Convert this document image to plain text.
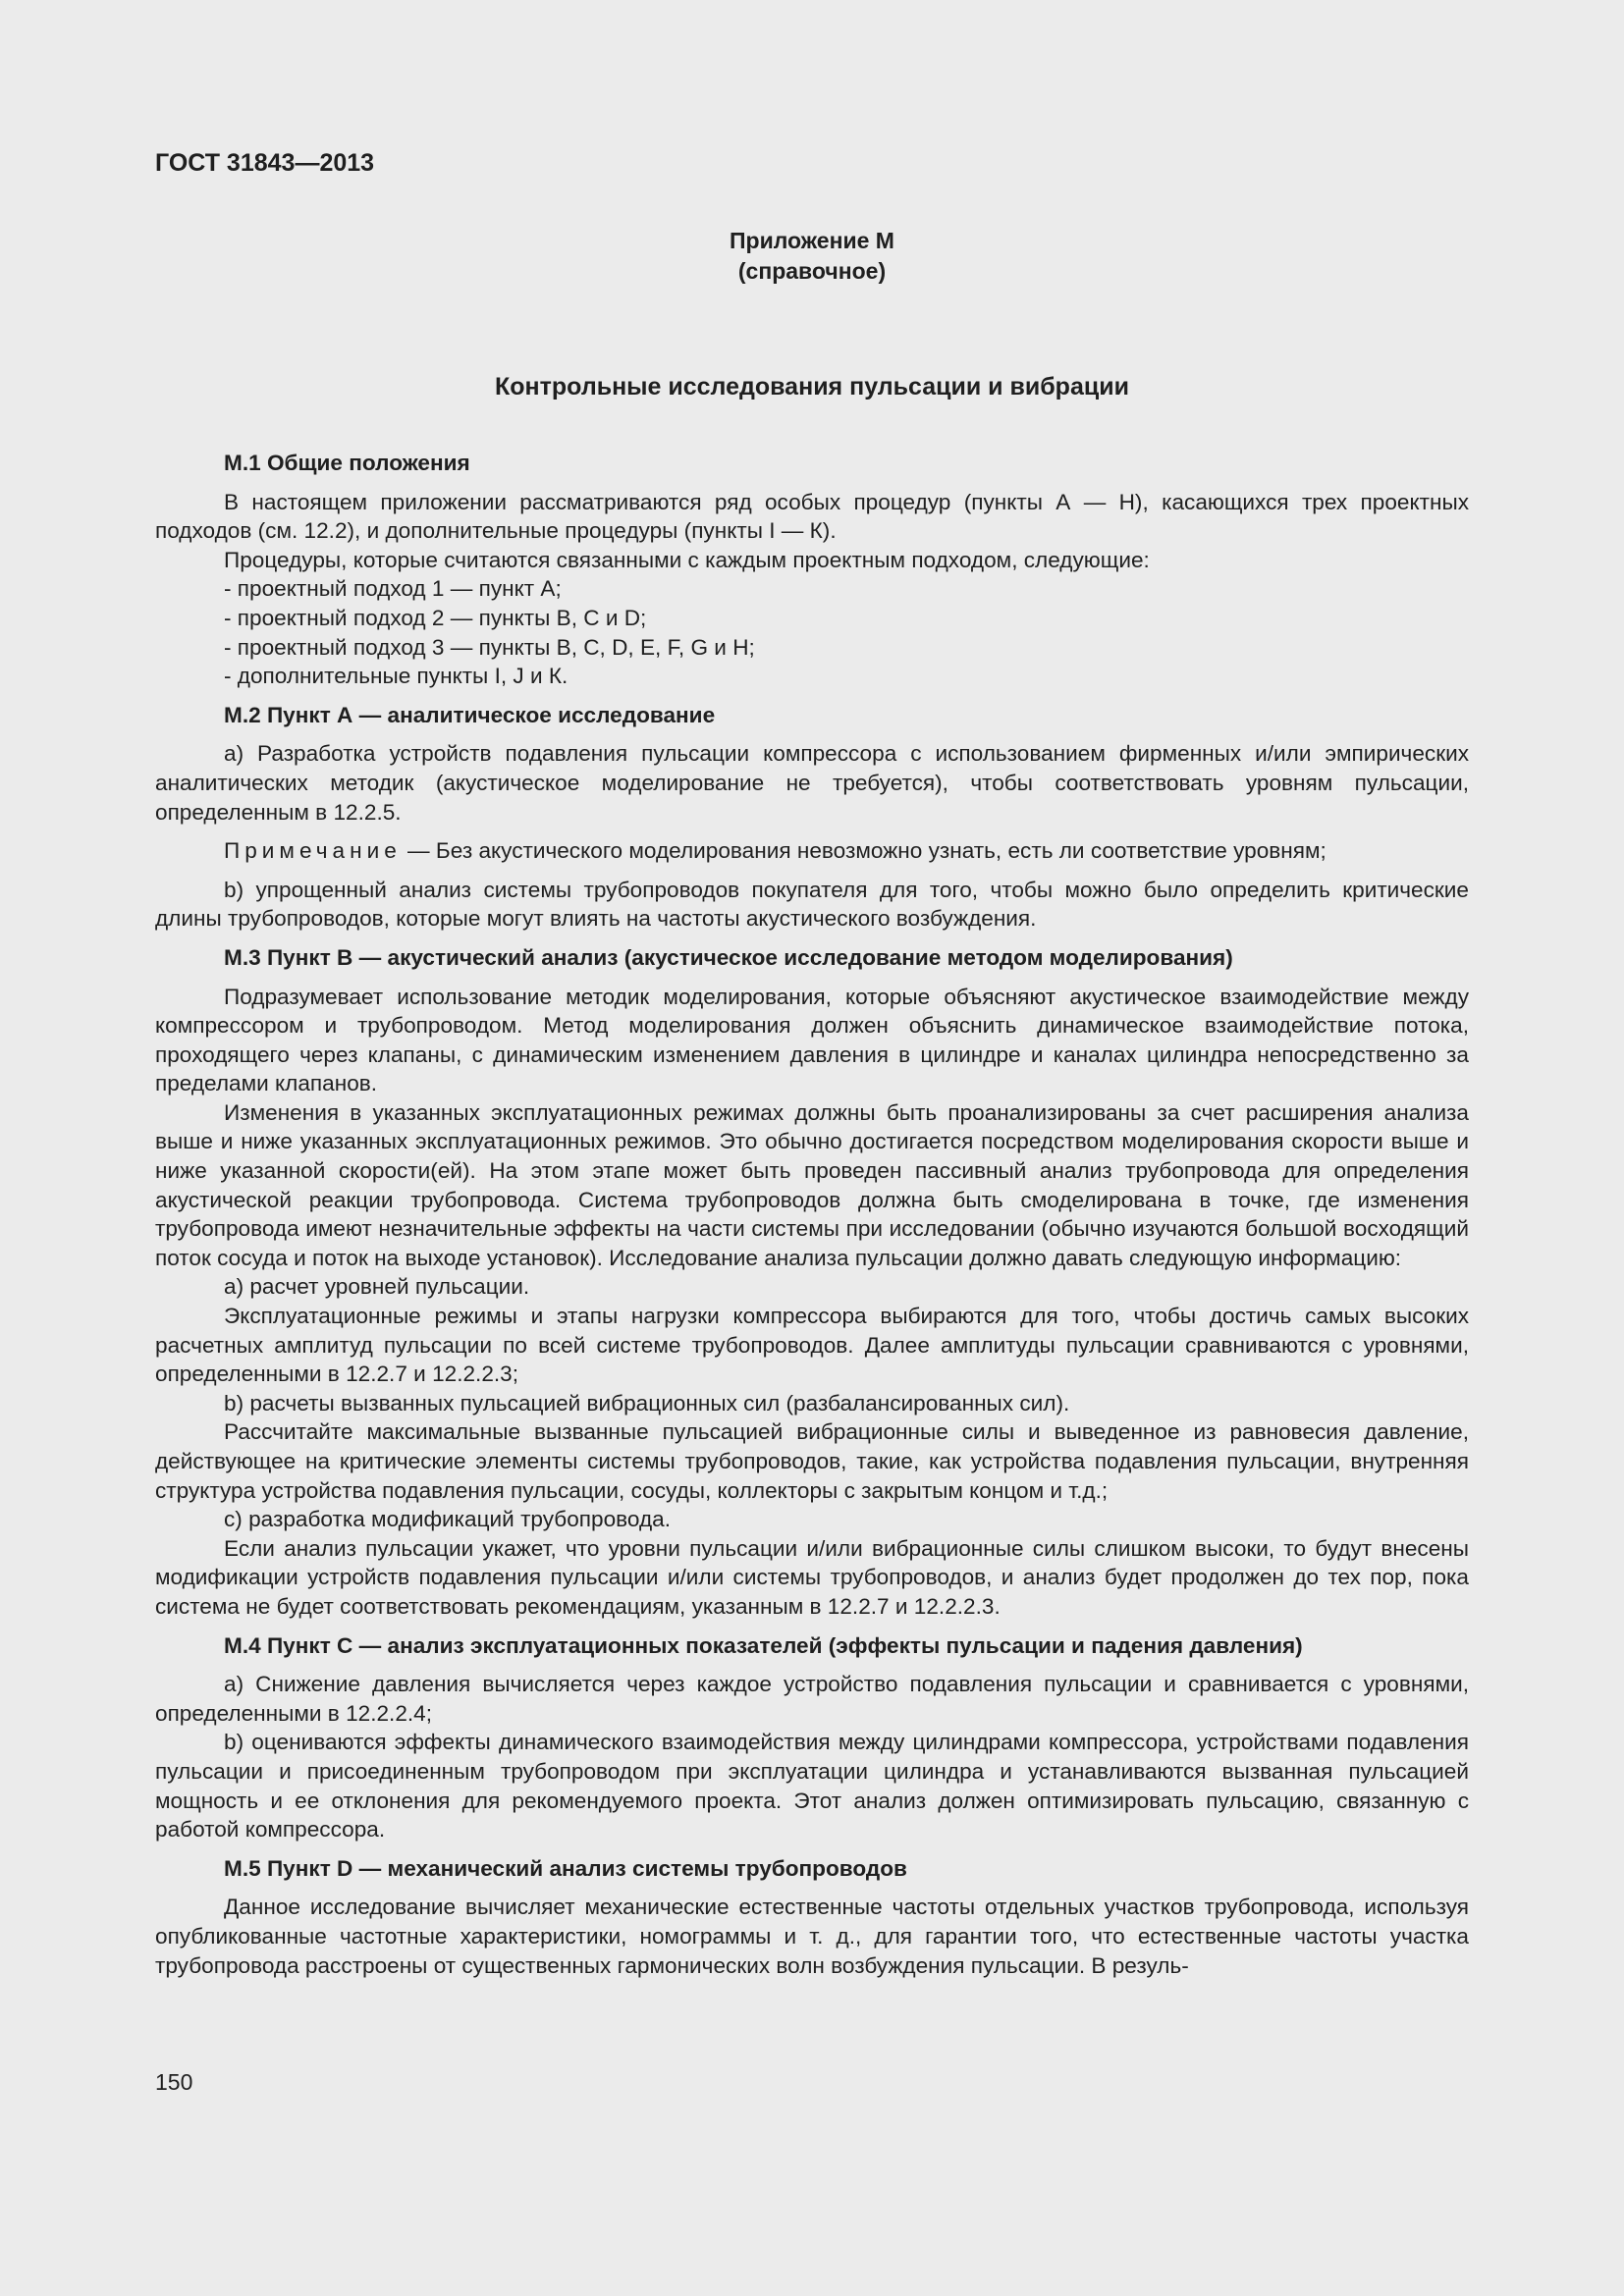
ГОСТ 31843—2013
Приложение М
(справочное)
Контрольные исследования пульсации и вибрации
М.1 Общие положения

В настоящем приложении рассматриваются ряд особых процедур (пункты А — Н), касающихся трех проектных подходов (см. 12.2), и дополнительные процедуры (пункты I — К).

Процедуры, которые считаются связанными с каждым проектным подходом, следующие:

- проектный подход 1 — пункт А;

- проектный подход 2 — пункты В, С и D;

- проектный подход 3 — пункты В, С, D, Е, F, G и Н;

- дополнительные пункты I, J и К.

М.2 Пункт А — аналитическое исследование

а) Разработка устройств подавления пульсации компрессора с использованием фирменных и/или эмпирических аналитических методик (акустическое моделирование не требуется), чтобы соответствовать уровням пульсации, определенным в 12.2.5.

Примечание — Без акустического моделирования невозможно узнать, есть ли соответствие уровням;

b) упрощенный анализ системы трубопроводов покупателя для того, чтобы можно было определить критические длины трубопроводов, которые могут влиять на частоты акустического возбуждения.

М.3 Пункт В — акустический анализ (акустическое исследование методом моделирования)

Подразумевает использование методик моделирования, которые объясняют акустическое взаимодействие между компрессором и трубопроводом. Метод моделирования должен объяснить динамическое взаимодействие потока, проходящего через клапаны, с динамическим изменением давления в цилиндре и каналах цилиндра непосредственно за пределами клапанов.

Изменения в указанных эксплуатационных режимах должны быть проанализированы за счет расширения анализа выше и ниже указанных эксплуатационных режимов. Это обычно достигается посредством моделирования скорости выше и ниже указанной скорости(ей). На этом этапе может быть проведен пассивный анализ трубопровода для определения акустической реакции трубопровода. Система трубопроводов должна быть смоделирована в точке, где изменения трубопровода имеют незначительные эффекты на части системы при исследовании (обычно изучаются большой восходящий поток сосуда и поток на выходе установок). Исследование анализа пульсации должно давать следующую информацию:

а) расчет уровней пульсации.

Эксплуатационные режимы и этапы нагрузки компрессора выбираются для того, чтобы достичь самых высоких расчетных амплитуд пульсации по всей системе трубопроводов. Далее амплитуды пульсации сравниваются с уровнями, определенными в 12.2.7 и 12.2.2.3;

b) расчеты вызванных пульсацией вибрационных сил (разбалансированных сил).

Рассчитайте максимальные вызванные пульсацией вибрационные силы и выведенное из равновесия давление, действующее на критические элементы системы трубопроводов, такие, как устройства подавления пульсации, внутренняя структура устройства подавления пульсации, сосуды, коллекторы с закрытым концом и т.д.;

с) разработка модификаций трубопровода.

Если анализ пульсации укажет, что уровни пульсации и/или вибрационные силы слишком высоки, то будут внесены модификации устройств подавления пульсации и/или системы трубопроводов, и анализ будет продолжен до тех пор, пока система не будет соответствовать рекомендациям, указанным в 12.2.7 и 12.2.2.3.

М.4 Пункт С — анализ эксплуатационных показателей (эффекты пульсации и падения давления)

а) Снижение давления вычисляется через каждое устройство подавления пульсации и сравнивается с уровнями, определенными в 12.2.2.4;

b) оцениваются эффекты динамического взаимодействия между цилиндрами компрессора, устройствами подавления пульсации и присоединенным трубопроводом при эксплуатации цилиндра и устанавливаются вызванная пульсацией мощность и ее отклонения для рекомендуемого проекта. Этот анализ должен оптимизировать пульсацию, связанную с работой компрессора.

М.5 Пункт D — механический анализ системы трубопроводов

Данное исследование вычисляет механические естественные частоты отдельных участков трубопровода, используя опубликованные частотные характеристики, номограммы и т. д., для гарантии того, что естественные частоты участка трубопровода расстроены от существенных гармонических волн возбуждения пульсации. В резуль-

150
